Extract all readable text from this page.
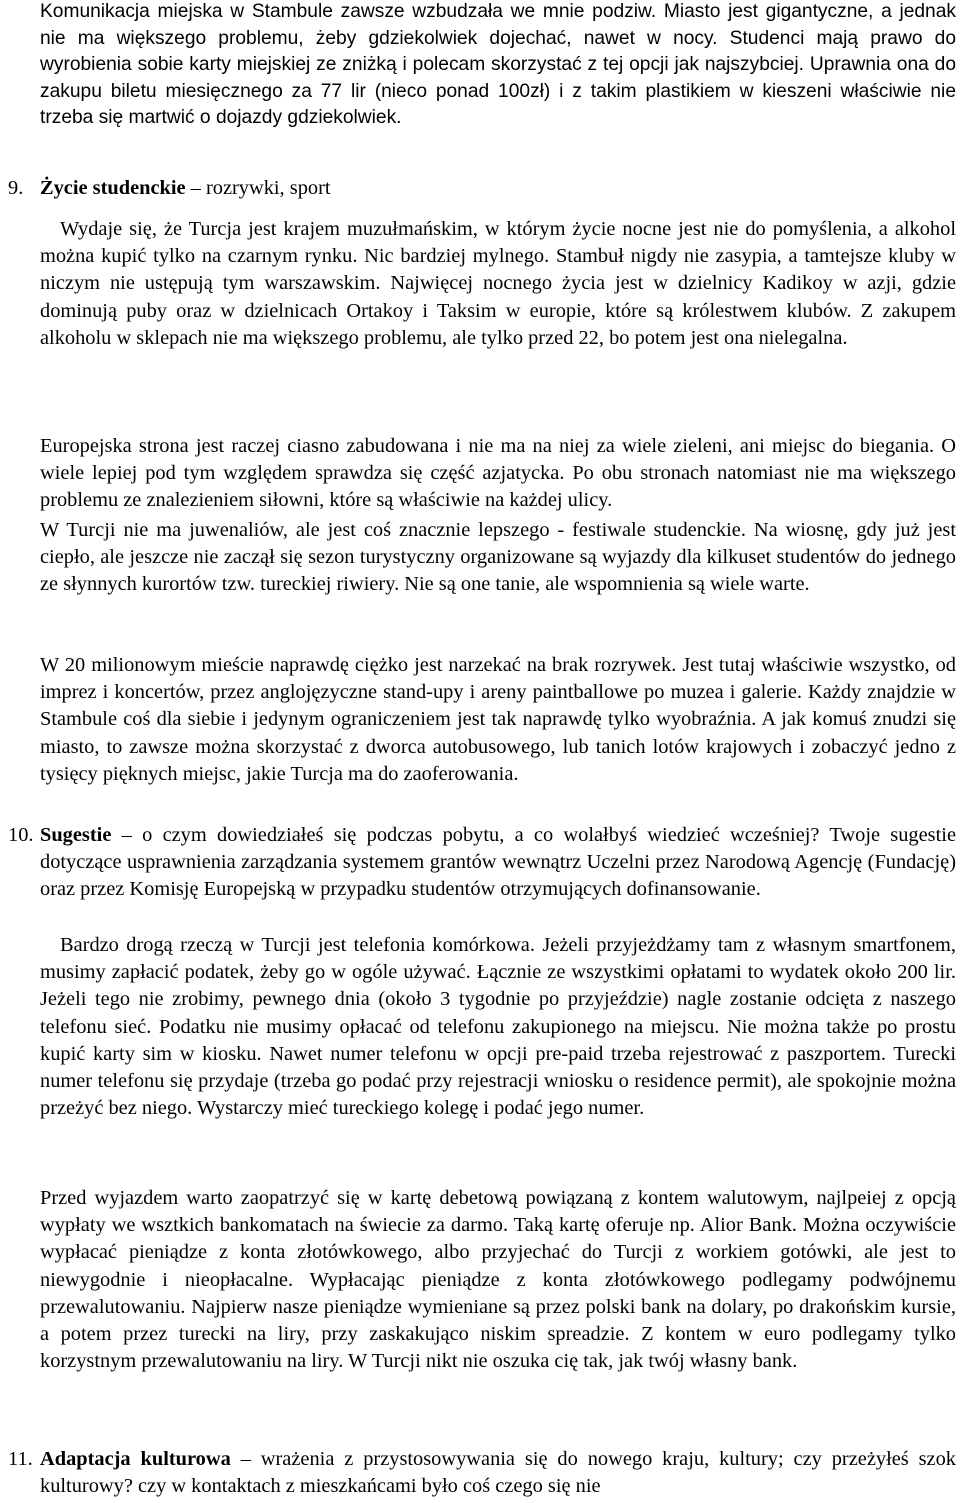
Komunikacja miejska w Stambule zawsze wzbudzała we mnie podziw. Miasto jest gigantyczne, a jednak nie ma większego problemu, żeby gdziekolwiek dojechać, nawet w nocy. Studenci mają prawo do wyrobienia sobie karty miejskiej ze zniżką i polecam skorzystać z tej opcji jak najszybciej. Uprawnia ona do zakupu biletu miesięcznego za 77 lir (nieco ponad 100zł) i z takim plastikiem w kieszeni właściwie nie trzeba się martwić o dojazdy gdziekolwiek.

9. Życie studenckie – rozrywki, sport

Wydaje się, że Turcja jest krajem muzułmańskim, w którym życie nocne jest nie do pomyślenia, a alkohol można kupić tylko na czarnym rynku. Nic bardziej mylnego. Stambuł nigdy nie zasypia, a tamtejsze kluby w niczym nie ustępują tym warszawskim. Najwięcej nocnego życia jest w dzielnicy Kadikoy w azji, gdzie dominują puby oraz w dzielnicach Ortakoy i Taksim w europie, które są królestwem klubów. Z zakupem alkoholu w sklepach nie ma większego problemu, ale tylko przed 22, bo potem jest ona nielegalna.

Europejska strona jest raczej ciasno zabudowana i nie ma na niej za wiele zieleni, ani miejsc do biegania. O wiele lepiej pod tym względem sprawdza się część azjatycka. Po obu stronach natomiast nie ma większego problemu ze znalezieniem siłowni, które są właściwie na każdej ulicy.

W Turcji nie ma juwenaliów, ale jest coś znacznie lepszego - festiwale studenckie. Na wiosnę, gdy już jest ciepło, ale jeszcze nie zaczął się sezon turystyczny organizowane są wyjazdy dla kilkuset studentów do jednego ze słynnych kurortów tzw. tureckiej riwiery. Nie są one tanie, ale wspomnienia są wiele warte.

W 20 milionowym mieście naprawdę ciężko jest narzekać na brak rozrywek. Jest tutaj właściwie wszystko, od imprez i koncertów, przez anglojęzyczne stand-upy i areny paintballowe po muzea i galerie. Każdy znajdzie w Stambule coś dla siebie i jedynym ograniczeniem jest tak naprawdę tylko wyobraźnia. A jak komuś znudzi się miasto, to zawsze można skorzystać z dworca autobusowego, lub tanich lotów krajowych i zobaczyć jedno z tysięcy pięknych miejsc, jakie Turcja ma do zaoferowania.

10. Sugestie – o czym dowiedziałeś się podczas pobytu, a co wolałbyś wiedzieć wcześniej? Twoje sugestie dotyczące usprawnienia zarządzania systemem grantów wewnątrz Uczelni przez Narodową Agencję (Fundację) oraz przez Komisję Europejską w przypadku studentów otrzymujących dofinansowanie.

Bardzo drogą rzeczą w Turcji jest telefonia komórkowa. Jeżeli przyjeżdżamy tam z własnym smartfonem, musimy zapłacić podatek, żeby go w ogóle używać. Łącznie ze wszystkimi opłatami to wydatek około 200 lir. Jeżeli tego nie zrobimy, pewnego dnia (około 3 tygodnie po przyjeździe) nagle zostanie odcięta z naszego telefonu sieć. Podatku nie musimy opłacać od telefonu zakupionego na miejscu. Nie można także po prostu kupić karty sim w kiosku. Nawet numer telefonu w opcji pre-paid trzeba rejestrować z paszportem. Turecki numer telefonu się przydaje (trzeba go podać przy rejestracji wniosku o residence permit), ale spokojnie można przeżyć bez niego. Wystarczy mieć tureckiego kolegę i podać jego numer.

Przed wyjazdem warto zaopatrzyć się w kartę debetową powiązaną z kontem walutowym, najlpeiej z opcją wypłaty we wsztkich bankomatach na świecie za darmo. Taką kartę oferuje np. Alior Bank. Można oczywiście wypłacać pieniądze z konta złotówkowego, albo przyjechać do Turcji z workiem gotówki, ale jest to niewygodnie i nieopłacalne. Wypłacając pieniądze z konta złotówkowego podlegamy podwójnemu przewalutowaniu. Najpierw nasze pieniądze wymieniane są przez polski bank na dolary, po drakońskim kursie, a potem przez turecki na liry, przy zaskakująco niskim spreadzie. Z kontem w euro podlegamy tylko korzystnym przewalutowaniu na liry. W Turcji nikt nie oszuka cię tak, jak twój własny bank.

11. Adaptacja kulturowa – wrażenia z przystosowywania się do nowego kraju, kultury; czy przeżyłeś szok kulturowy? czy w kontaktach z mieszkańcami było coś czego się nie
